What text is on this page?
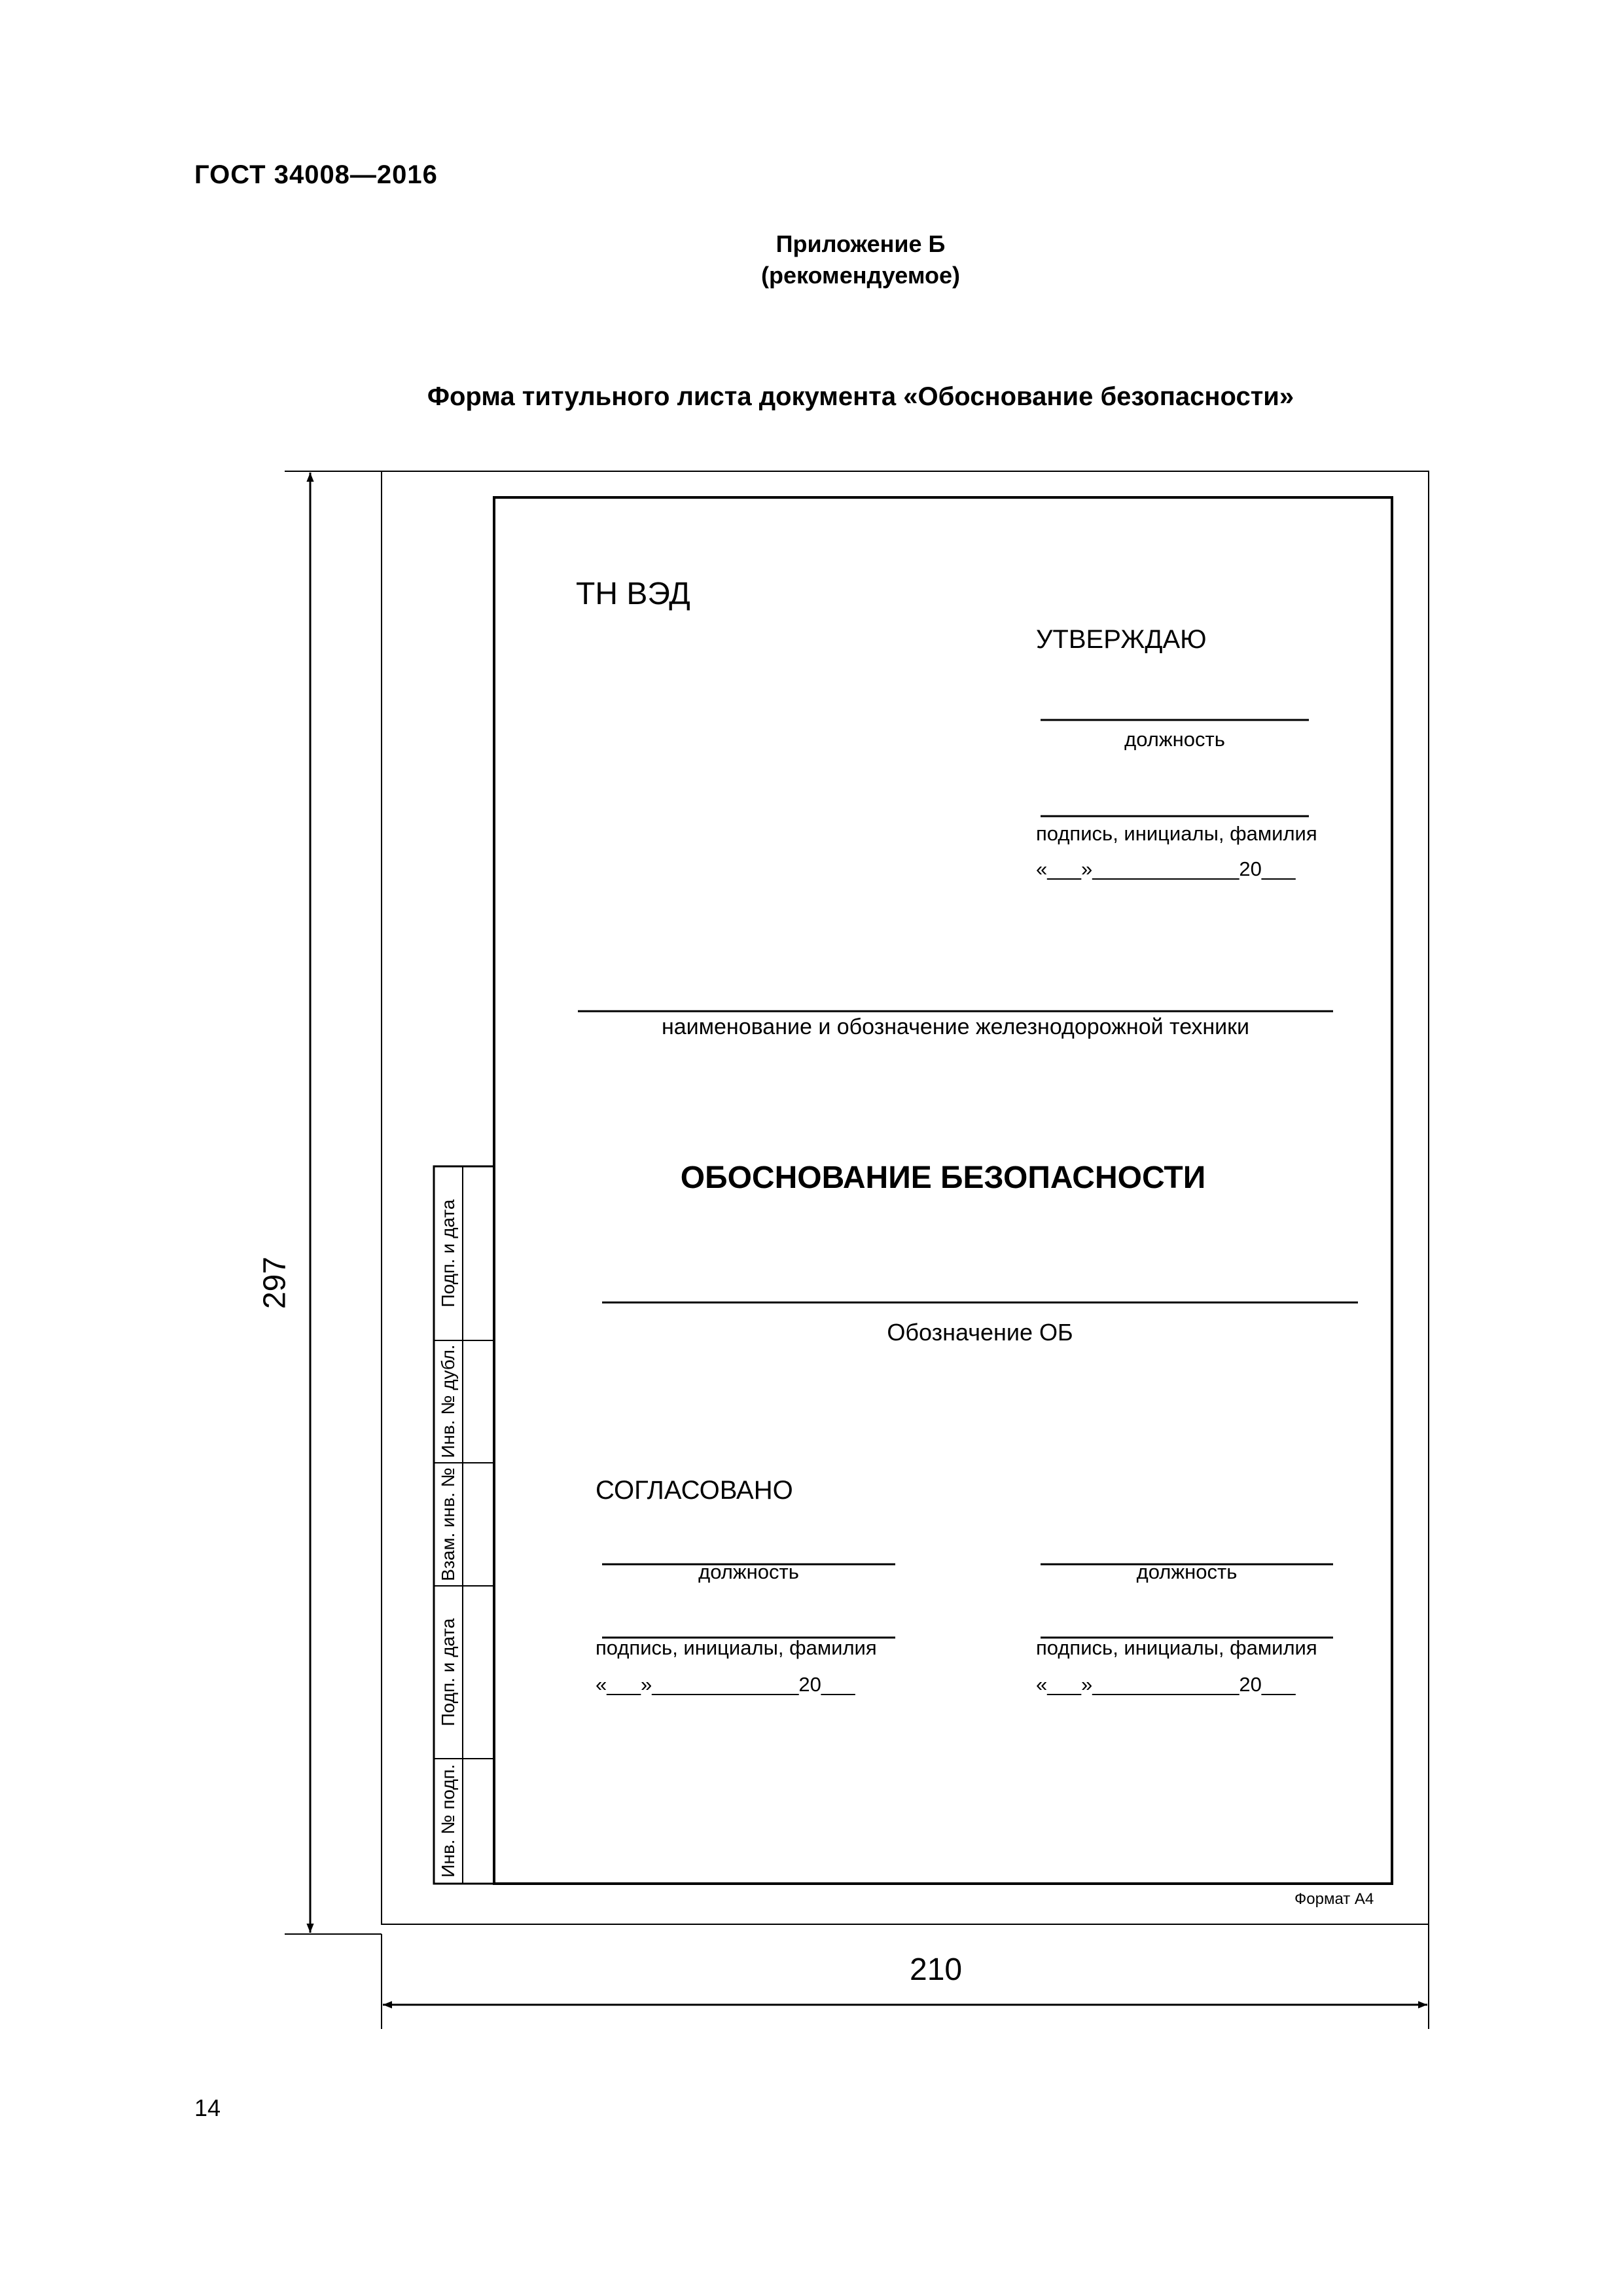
ГОСТ 34008—2016
Приложение Б
(рекомендуемое)
Форма титульного листа документа «Обоснование безопасности»
ТН ВЭД
УТВЕРЖДАЮ
должность
подпись, инициалы, фамилия
«___»_____________20___
наименование и обозначение железнодорожной техники
ОБОСНОВАНИЕ БЕЗОПАСНОСТИ
Обозначение ОБ
СОГЛАСОВАНО
должность	должность
подпись, инициалы, фамилия	подпись, инициалы, фамилия
«___»_____________20___	«___»_____________20___
Подп. и дата
Инв. № дубл.
Взам. инв. №
Подп. и дата
Инв. № подп.
Формат А4
297
210
14
